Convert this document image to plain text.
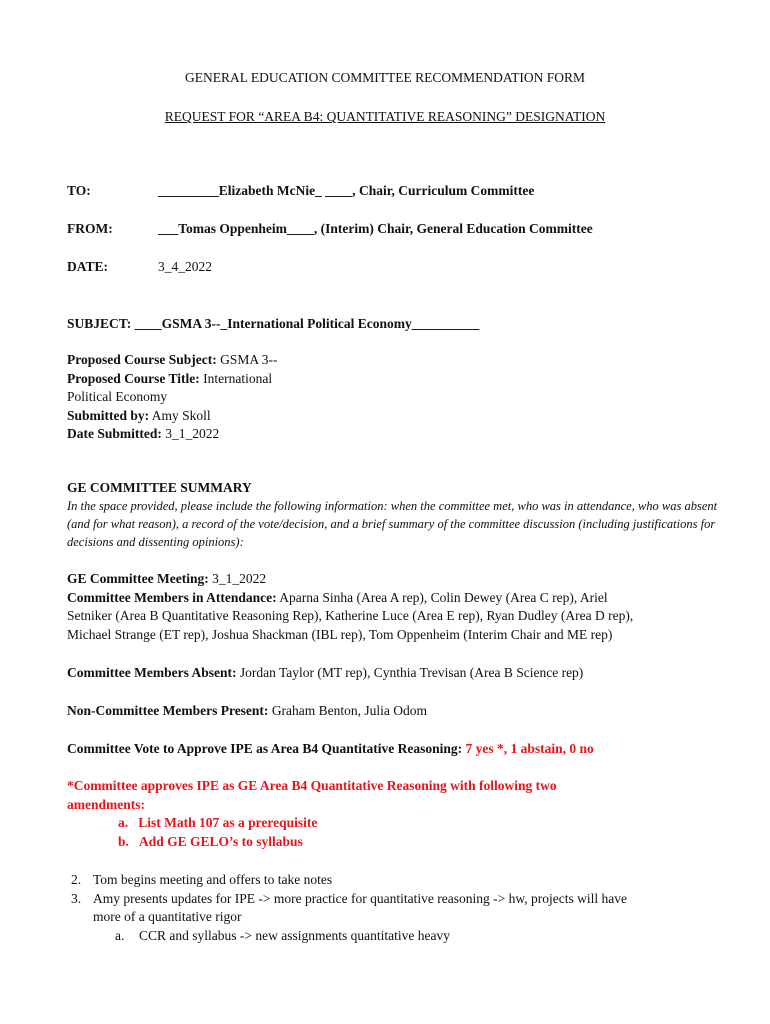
GENERAL EDUCATION COMMITTEE RECOMMENDATION FORM
REQUEST FOR “AREA B4: QUANTITATIVE REASONING” DESIGNATION
TO:	_________Elizabeth McNie_ ____, Chair, Curriculum Committee
FROM:	___Tomas Oppenheim____, (Interim) Chair, General Education Committee
DATE:	3_4_2022
SUBJECT: ____GSMA 3--_International Political Economy__________
Proposed Course Subject: GSMA 3--
Proposed Course Title: International
Political Economy
Submitted by: Amy Skoll
Date Submitted: 3_1_2022
GE COMMITTEE SUMMARY
In the space provided, please include the following information: when the committee met, who was in attendance, who was absent
(and for what reason), a record of the vote/decision, and a brief summary of the committee discussion (including justifications for
decisions and dissenting opinions):
GE Committee Meeting: 3_1_2022
Committee Members in Attendance: Aparna Sinha (Area A rep), Colin Dewey (Area C rep), Ariel
Setniker (Area B Quantitative Reasoning Rep), Katherine Luce (Area E rep), Ryan Dudley (Area D rep),
Michael Strange (ET rep), Joshua Shackman (IBL rep), Tom Oppenheim (Interim Chair and ME rep)
Committee Members Absent: Jordan Taylor (MT rep), Cynthia Trevisan (Area B Science rep)
Non-Committee Members Present: Graham Benton, Julia Odom
Committee Vote to Approve IPE as Area B4 Quantitative Reasoning: 7 yes *, 1 abstain, 0 no
*Committee approves IPE as GE Area B4 Quantitative Reasoning with following two
amendments:
a. List Math 107 as a prerequisite
b. Add GE GELO’s to syllabus
2. Tom begins meeting and offers to take notes
3. Amy presents updates for IPE -> more practice for quantitative reasoning -> hw, projects will have
more of a quantitative rigor
a. CCR and syllabus -> new assignments quantitative heavy
